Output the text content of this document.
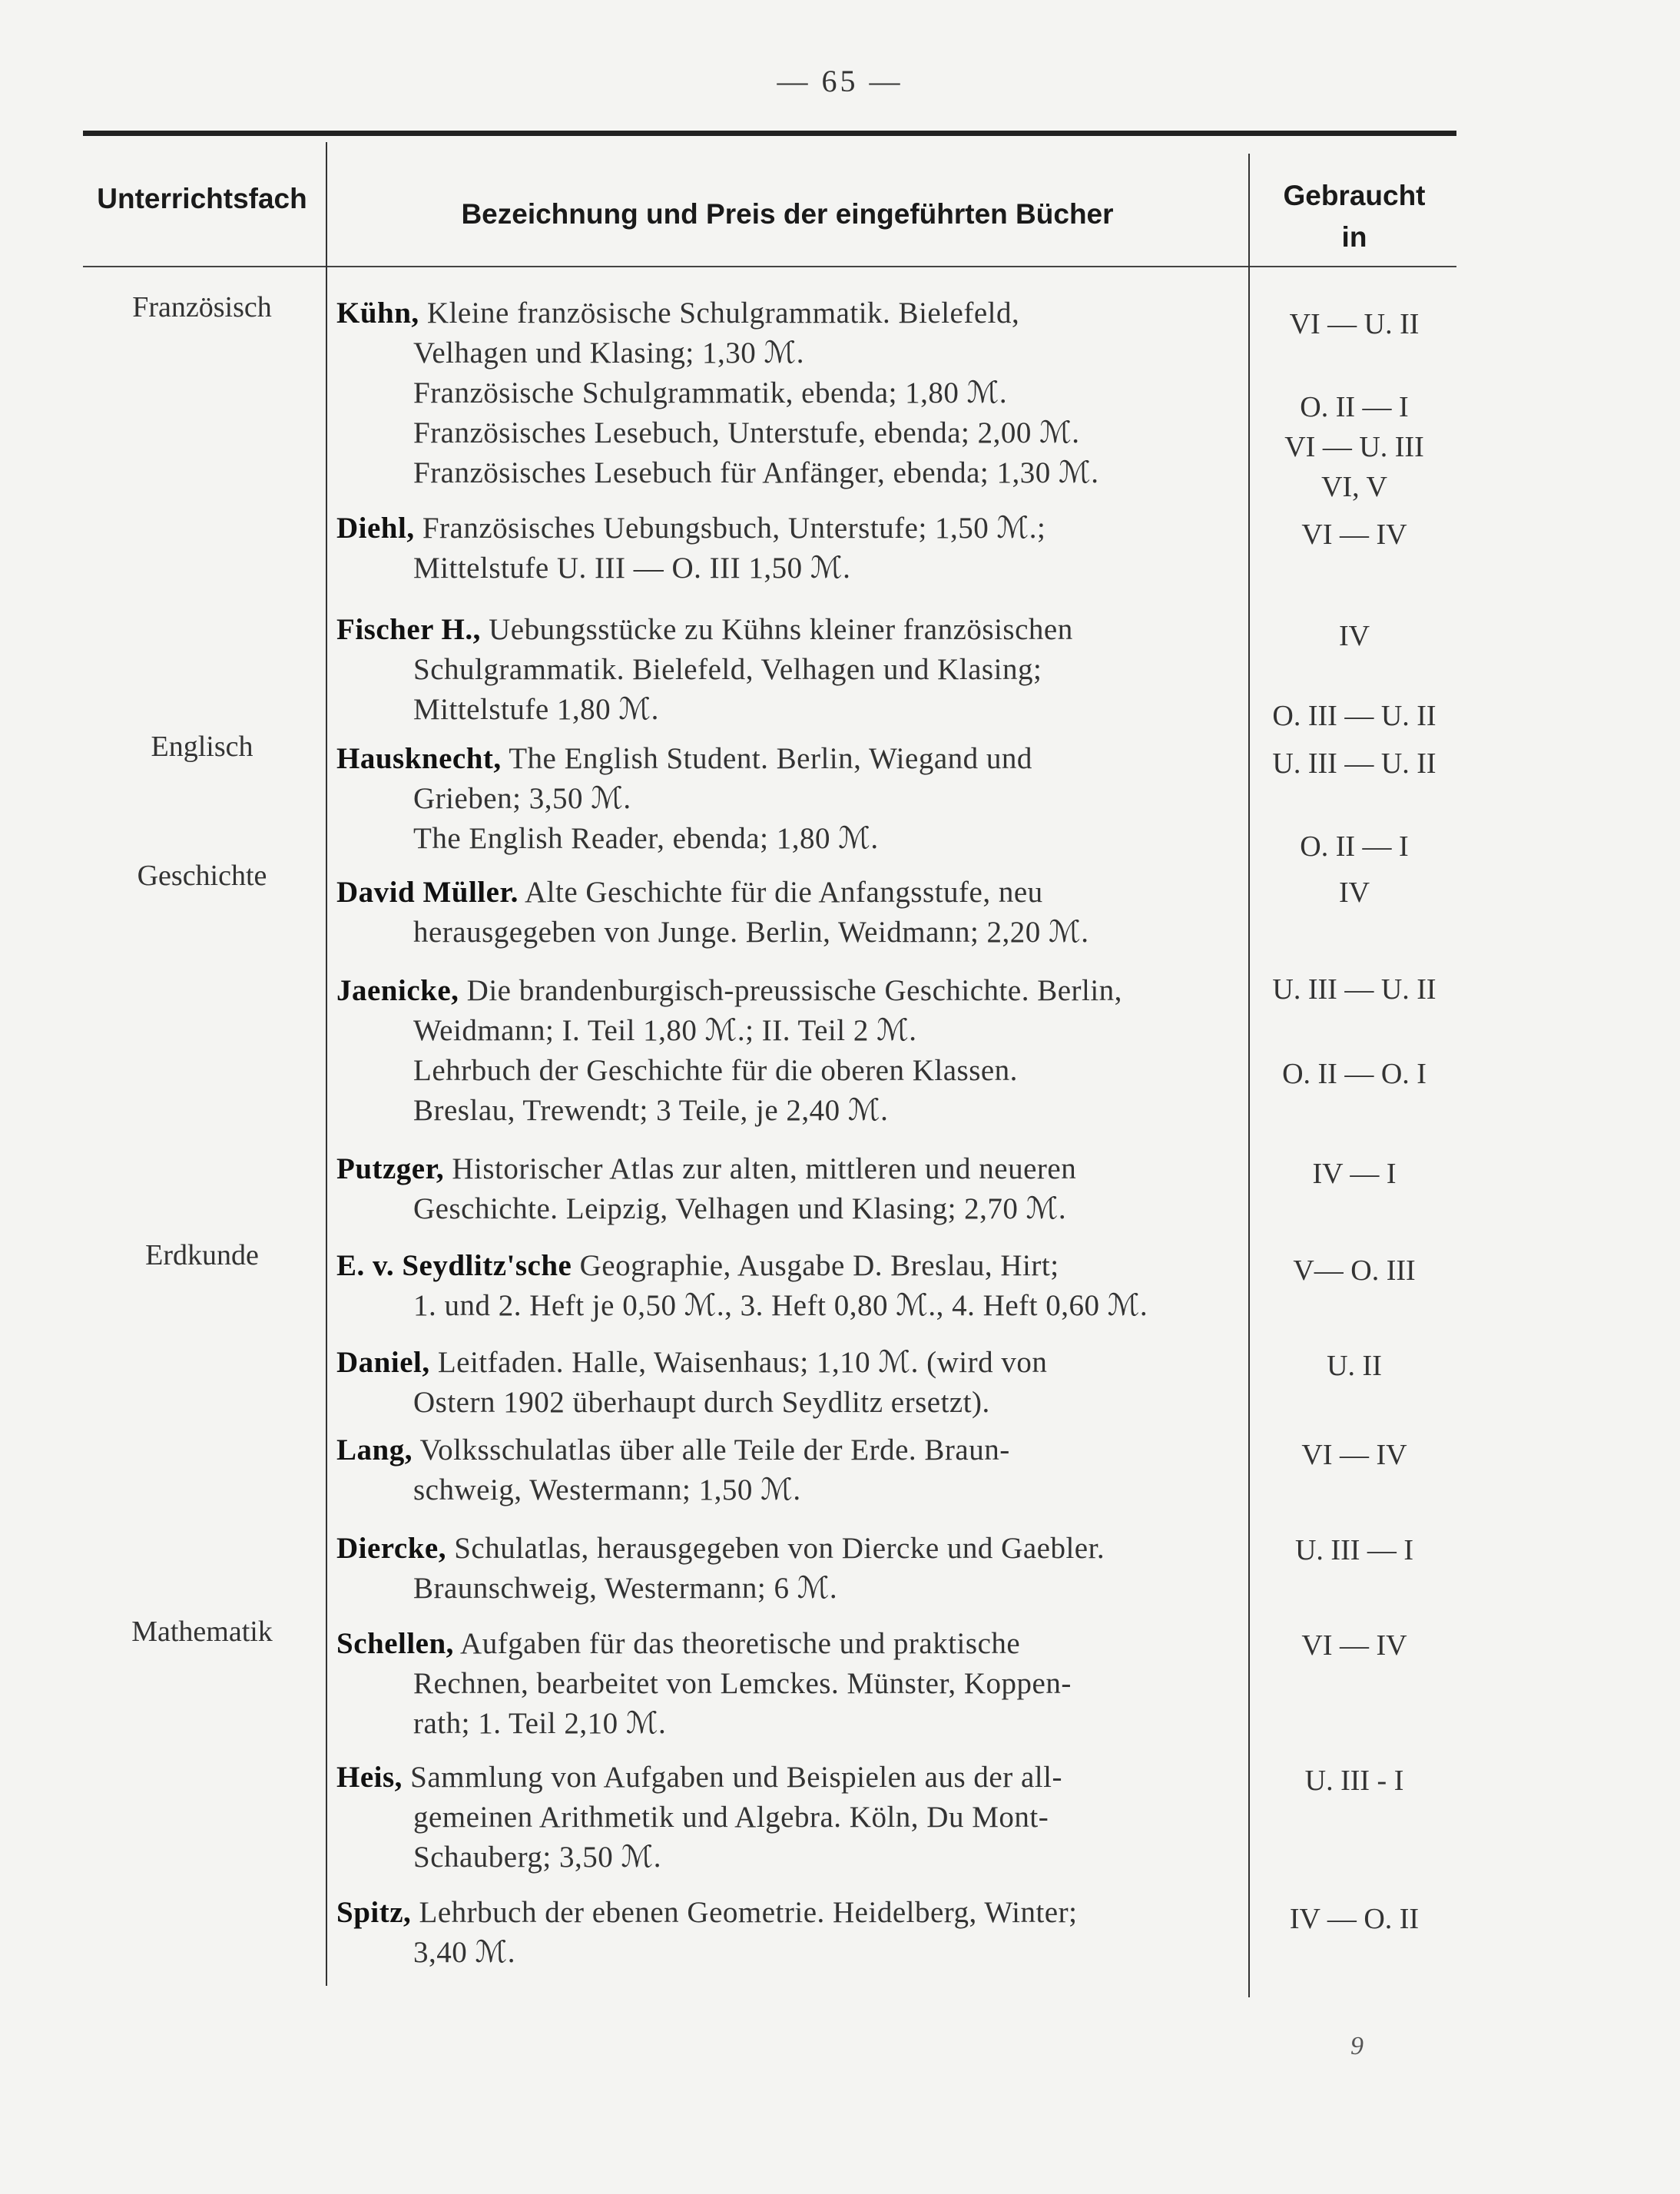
— 65 —
Unterrichtsfach	Bezeichnung und Preis der eingeführten Bücher
Gebraucht
in
Französisch
Englisch
Geschichte
Erdkunde
Mathematik
Kühn, Kleine französische Schulgrammatik. Bielefeld,
Velhagen und Klasing; 1,30 ℳ.
Französische Schulgrammatik, ebenda; 1,80 ℳ.
Französisches Lesebuch, Unterstufe, ebenda; 2,00 ℳ.
Französisches Lesebuch für Anfänger, ebenda; 1,30 ℳ.
Diehl, Französisches Uebungsbuch, Unterstufe; 1,50 ℳ.;
Mittelstufe U. III — O. III 1,50 ℳ.
Fischer H., Uebungsstücke zu Kühns kleiner französischen
Schulgrammatik. Bielefeld, Velhagen und Klasing;
Mittelstufe 1,80 ℳ.
Hausknecht, The English Student. Berlin, Wiegand und
Grieben; 3,50 ℳ.
The English Reader, ebenda; 1,80 ℳ.
David Müller. Alte Geschichte für die Anfangsstufe, neu
herausgegeben von Junge. Berlin, Weidmann; 2,20 ℳ.
Jaenicke, Die brandenburgisch-preussische Geschichte. Berlin,
Weidmann; I. Teil 1,80 ℳ.; II. Teil 2 ℳ.
Lehrbuch der Geschichte für die oberen Klassen.
Breslau, Trewendt; 3 Teile, je 2,40 ℳ.
Putzger, Historischer Atlas zur alten, mittleren und neueren
Geschichte. Leipzig, Velhagen und Klasing; 2,70 ℳ.
E. v. Seydlitz'sche Geographie, Ausgabe D. Breslau, Hirt;
1. und 2. Heft je 0,50 ℳ., 3. Heft 0,80 ℳ., 4. Heft 0,60 ℳ.
Daniel, Leitfaden. Halle, Waisenhaus; 1,10 ℳ. (wird von
Ostern 1902 überhaupt durch Seydlitz ersetzt).
Lang, Volksschulatlas über alle Teile der Erde. Braun-
schweig, Westermann; 1,50 ℳ.
Diercke, Schulatlas, herausgegeben von Diercke und Gaebler.
Braunschweig, Westermann; 6 ℳ.
Schellen, Aufgaben für das theoretische und praktische
Rechnen, bearbeitet von Lemckes. Münster, Koppen-
rath; 1. Teil 2,10 ℳ.
Heis, Sammlung von Aufgaben und Beispielen aus der all-
gemeinen Arithmetik und Algebra. Köln, Du Mont-
Schauberg; 3,50 ℳ.
Spitz, Lehrbuch der ebenen Geometrie. Heidelberg, Winter;
3,40 ℳ.
VI — U. II
O. II — I
VI — U. III
VI, V
VI — IV
IV
O. III — U. II
U. III — U. II
O. II — I
IV
U. III — U. II
O. II — O. I
IV — I
V— O. III
U. II
VI — IV
U. III — I
VI — IV
U. III - I
IV — O. II
9
